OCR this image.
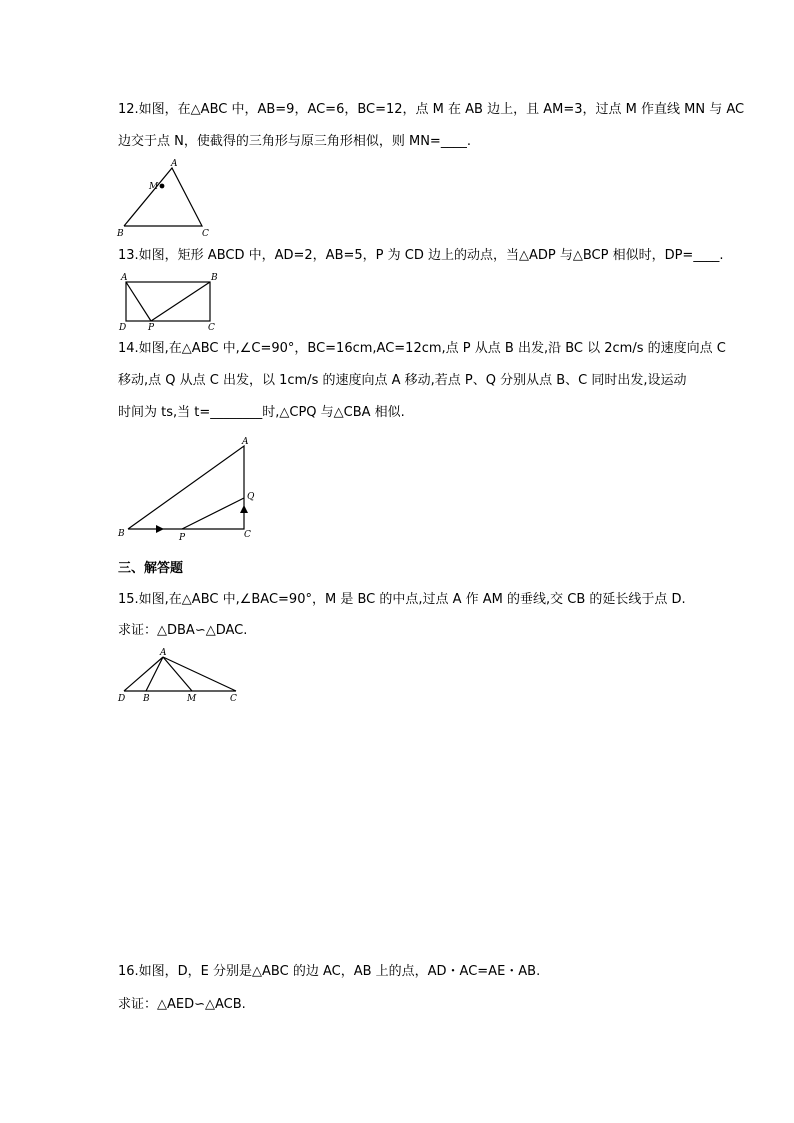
12.如图，在△ABC 中，AB=9，AC=6，BC=12，点 M 在 AB 边上，且 AM=3，过点 M 作直线 MN 与 AC
边交于点 N，使截得的三角形与原三角形相似，则 MN=____.
A
M
B	C
13.如图，矩形 ABCD 中，AD=2，AB=5，P 为 CD 边上的动点，当△ADP 与△BCP 相似时，DP=____.
A	B
D P	C
14.如图,在△ABC 中,∠C=90°，BC=16cm,AC=12cm,点 P 从点 B 出发,沿 BC 以 2cm/s 的速度向点 C
移动,点 Q 从点 C 出发，以 1cm/s 的速度向点 A 移动,若点 P、Q 分别从点 B、C 同时出发,设运动
时间为 ts,当 t=________时,△CPQ 与△CBA 相似.
A
Q
B	P	C
三、解答题
15.如图,在△ABC 中,∠BAC=90°，M 是 BC 的中点,过点 A 作 AM 的垂线,交 CB 的延长线于点 D.
求证：△DBA∽△DAC.
A
D B	M	C
16.如图，D，E 分别是△ABC 的边 AC，AB 上的点，AD・AC=AE・AB.
求证：△AED∽△ACB.
